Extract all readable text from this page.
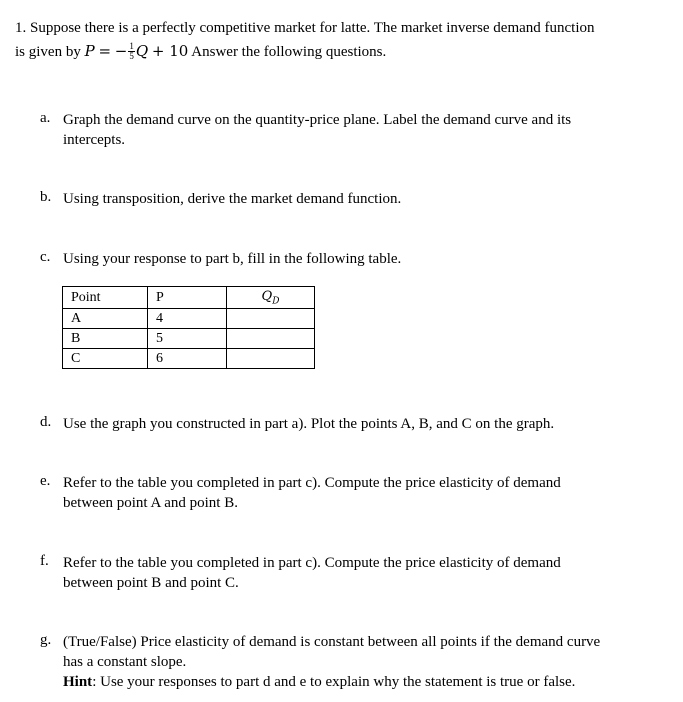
1. Suppose there is a perfectly competitive market for latte. The market inverse demand function
is given by P = − $\frac{1}{5}$ Q + 10 Answer the following questions.
a. Graph the demand curve on the quantity-price plane. Label the demand curve and its
intercepts.
b. Using transposition, derive the market demand function.
c. Using your response to part b, fill in the following table.
Point	P	$Q_D$
A	4	
B	5	
C	6	
d. Use the graph you constructed in part a). Plot the points A, B, and C on the graph.
e. Refer to the table you completed in part c). Compute the price elasticity of demand
between point A and point B.
f. Refer to the table you completed in part c). Compute the price elasticity of demand
between point B and point C.
g. (True/False) Price elasticity of demand is constant between all points if the demand curve
has a constant slope.
Hint: Use your responses to part d and e to explain why the statement is true or false.
